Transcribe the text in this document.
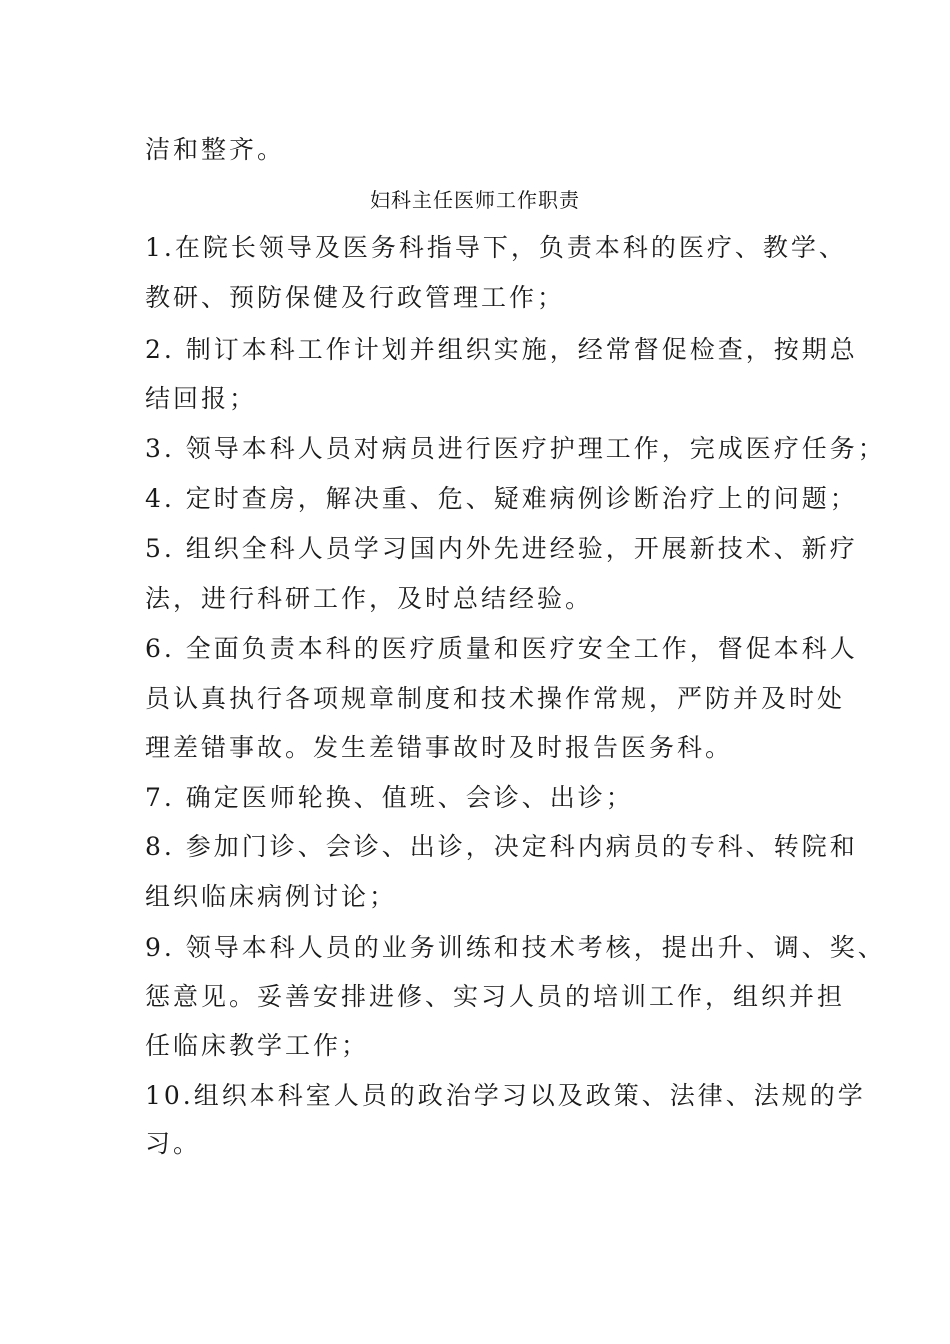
洁和整齐。
妇科主任医师工作职责
1.在院长领导及医务科指导下，负责本科的医疗、教学、
教研、预防保健及行政管理工作；
2. 制订本科工作计划并组织实施，经常督促检查，按期总
结回报；
3. 领导本科人员对病员进行医疗护理工作，完成医疗任务；
4. 定时查房，解决重、危、疑难病例诊断治疗上的问题；
5. 组织全科人员学习国内外先进经验，开展新技术、新疗
法，进行科研工作，及时总结经验。
6. 全面负责本科的医疗质量和医疗安全工作，督促本科人
员认真执行各项规章制度和技术操作常规，严防并及时处
理差错事故。发生差错事故时及时报告医务科。
7. 确定医师轮换、值班、会诊、出诊；
8. 参加门诊、会诊、出诊，决定科内病员的专科、转院和
组织临床病例讨论；
9. 领导本科人员的业务训练和技术考核，提出升、调、奖、
惩意见。妥善安排进修、实习人员的培训工作，组织并担
任临床教学工作；
10.组织本科室人员的政治学习以及政策、法律、法规的学
习。
